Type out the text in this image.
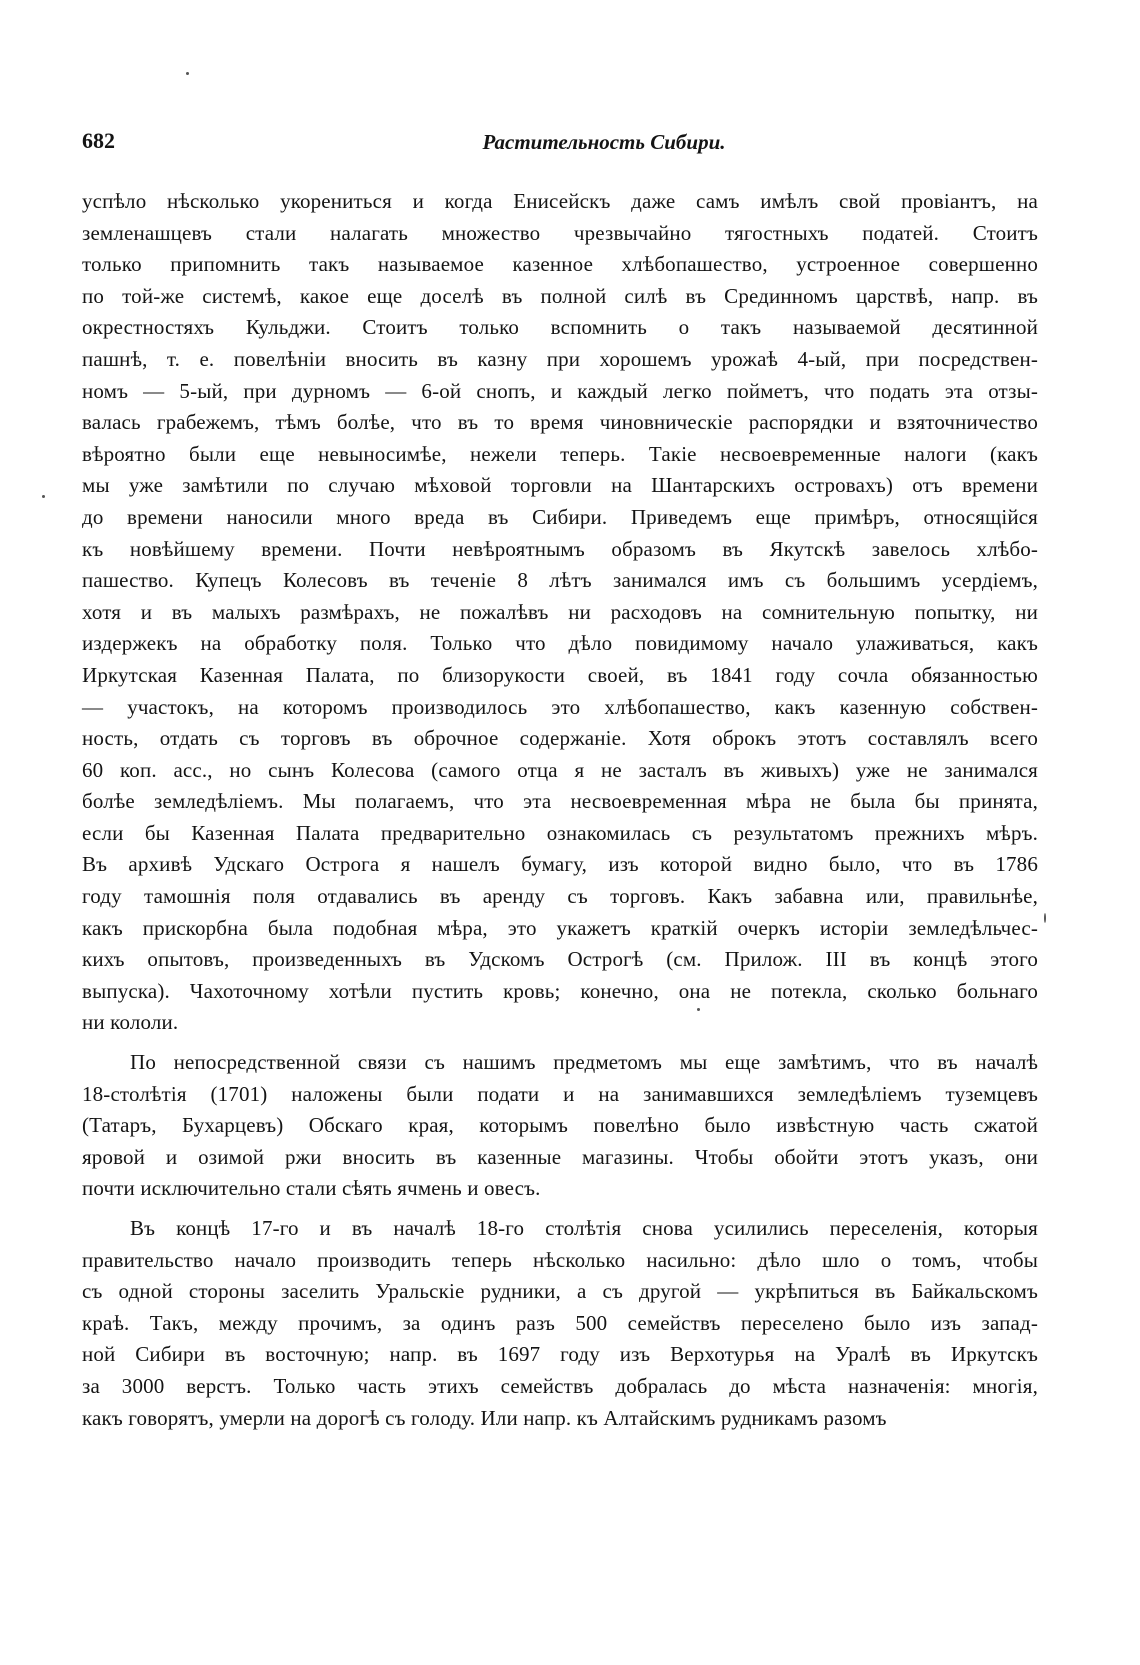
682	Растительность Сибири.
успѣло нѣсколько укорениться и когда Енисейскъ даже самъ имѣлъ свой провіантъ, на
земленашцевъ стали налагать множество чрезвычайно тягостныхъ податей. Стоитъ
только припомнить такъ называемое казенное хлѣбопашество, устроенное совершенно
по той-же системѣ, какое еще доселѣ въ полной силѣ въ Срединномъ царствѣ, напр. въ
окрестностяхъ Кульджи. Стоитъ только вспомнить о такъ называемой десятинной
пашнѣ, т. е. повелѣніи вносить въ казну при хорошемъ урожаѣ 4-ый, при посредствен-
номъ — 5-ый, при дурномъ — 6-ой снопъ, и каждый легко пойметъ, что подать эта отзы-
валась грабежемъ, тѣмъ болѣе, что въ то время чиновническіе распорядки и взяточничество
вѣроятно были еще невыносимѣе, нежели теперь. Такіе несвоевременные налоги (какъ
мы уже замѣтили по случаю мѣховой торговли на Шантарскихъ островахъ) отъ времени
до времени наносили много вреда въ Сибири. Приведемъ еще примѣръ, относящійся
къ новѣйшему времени. Почти невѣроятнымъ образомъ въ Якутскѣ завелось хлѣбо-
пашество. Купецъ Колесовъ въ теченіе 8 лѣтъ занимался имъ съ большимъ усердіемъ,
хотя и въ малыхъ размѣрахъ, не пожалѣвъ ни расходовъ на сомнительную попытку, ни
издержекъ на обработку поля. Только что дѣло повидимому начало улаживаться, какъ
Иркутская Казенная Палата, по близорукости своей, въ 1841 году сочла обязанностью
— участокъ, на которомъ производилось это хлѣбопашество, какъ казенную собствен-
ность, отдать съ торговъ въ оброчное содержаніе. Хотя оброкъ этотъ составлялъ всего
60 коп. асс., но сынъ Колесова (самого отца я не засталъ въ живыхъ) уже не занимался
болѣе земледѣліемъ. Мы полагаемъ, что эта несвоевременная мѣра не была бы принята,
если бы Казенная Палата предварительно ознакомилась съ результатомъ прежнихъ мѣръ.
Въ архивѣ Удскаго Острога я нашелъ бумагу, изъ которой видно было, что въ 1786
году тамошнія поля отдавались въ аренду съ торговъ. Какъ забавна или, правильнѣе,
какъ прискорбна была подобная мѣра, это укажетъ краткій очеркъ исторіи земледѣльчес-
кихъ опытовъ, произведенныхъ въ Удскомъ Острогѣ (см. Прилож. III въ концѣ этого
выпуска). Чахоточному хотѣли пустить кровь; конечно, она не потекла, сколько больнаго
ни кололи.
По непосредственной связи съ нашимъ предметомъ мы еще замѣтимъ, что въ началѣ
18-столѣтія (1701) наложены были подати и на занимавшихся земледѣліемъ туземцевъ
(Татаръ, Бухарцевъ) Обскаго края, которымъ повелѣно было извѣстную часть сжатой
яровой и озимой ржи вносить въ казенные магазины. Чтобы обойти этотъ указъ, они
почти исключительно стали сѣять ячмень и овесъ.
Въ концѣ 17-го и въ началѣ 18-го столѣтія снова усилились переселенія, которыя
правительство начало производить теперь нѣсколько насильно: дѣло шло о томъ, чтобы
съ одной стороны заселить Уральскіе рудники, а съ другой — укрѣпиться въ Байкальскомъ
краѣ. Такъ, между прочимъ, за одинъ разъ 500 семействъ переселено было изъ запад-
ной Сибири въ восточную; напр. въ 1697 году изъ Верхотурья на Уралѣ въ Иркутскъ
за 3000 верстъ. Только часть этихъ семействъ добралась до мѣста назначенія: многія,
какъ говорятъ, умерли на дорогѣ съ голоду. Или напр. къ Алтайскимъ рудникамъ разомъ
